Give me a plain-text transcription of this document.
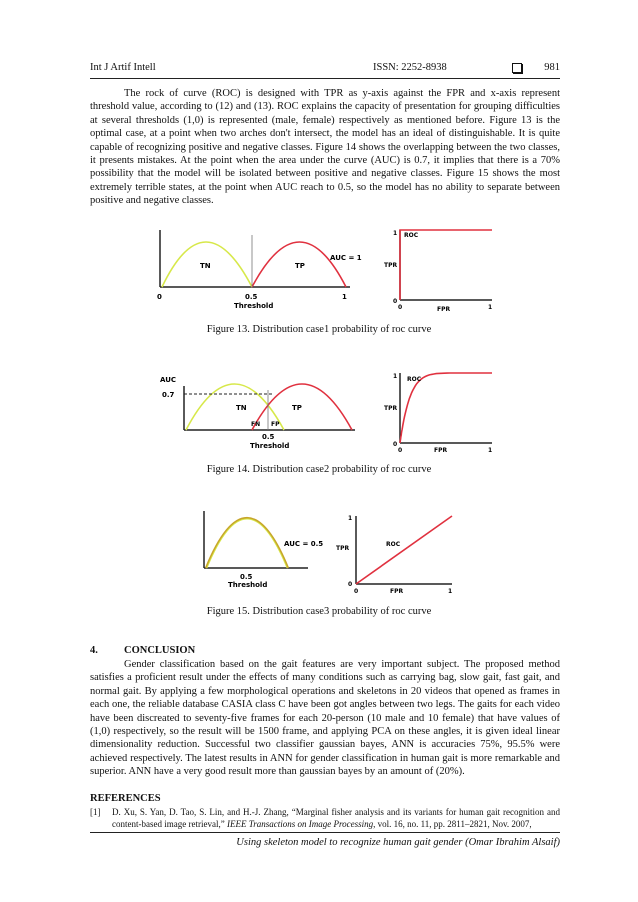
Int J Artif Intell	ISSN: 2252-8938	981
The rock of curve (ROC) is designed with TPR as y-axis against the FPR and x-axis represent threshold value, according to (12) and (13). ROC explains the capacity of presentation for grouping difficulties at several thresholds (1,0) is represented (male, female) respectively as mentioned before. Figure 13 is the optimal case, at a point when two arches don't intersect, the model has an ideal of distinguishable. It is quite capable of recognizing positive and negative classes. Figure 14 shows the overlapping between the two classes, it presents mistakes. At the point when the area under the curve (AUC) is 0.7, it implies that there is a 70% possibility that the model will be isolated between positive and negative classes. Figure 15 shows the most extremely terrible states, at the point when AUC reach to 0.5, so the model has no ability to separate between positive and negative classes.
TN	TP
AUC = 1
0	0.5	1
Threshold
1
0
TPR
ROC
0	1
FPR
Figure 13. Distribution case1 probability of roc curve
AUC
0.7
TN	TP
FN FP
0.5
Threshold
1
0
TPR
ROC
0	1
FPR
Figure 14. Distribution case2 probability of roc curve
AUC = 0.5
0.5
Threshold
1
0
TPR
ROC
0	1
FPR
Figure 15. Distribution case3 probability of roc curve
4. CONCLUSION
Gender classification based on the gait features are very important subject. The proposed method satisfies a proficient result under the effects of many conditions such as carrying bag, slow gait, fast gait, and normal gait. By applying a few morphological operations and skeletons in 20 videos that opened as frames in each one, the reliable database CASIA class C have been got angles between two legs. The gaits for each video have been discreated to seventy-five frames for each 20-person (10 male and 10 female) that have values of (1,0) respectively, so the result will be 1500 frame, and applying PCA on these angles, it is given ideal linear dimensionality reduction. Successful two classifier gaussian bayes, ANN is accuracies 75%, 95.5% were achieved respectively. The latest results in ANN for gender classification in human gait is more remarkable and superior. ANN have a very good result more than gaussian bayes by an amount of (20%).
REFERENCES
[1] D. Xu, S. Yan, D. Tao, S. Lin, and H.-J. Zhang, “Marginal fisher analysis and its variants for human gait recognition and content-based image retrieval,” IEEE Transactions on Image Processing, vol. 16, no. 11, pp. 2811–2821, Nov. 2007,
Using skeleton model to recognize human gait gender (Omar Ibrahim Alsaif)
